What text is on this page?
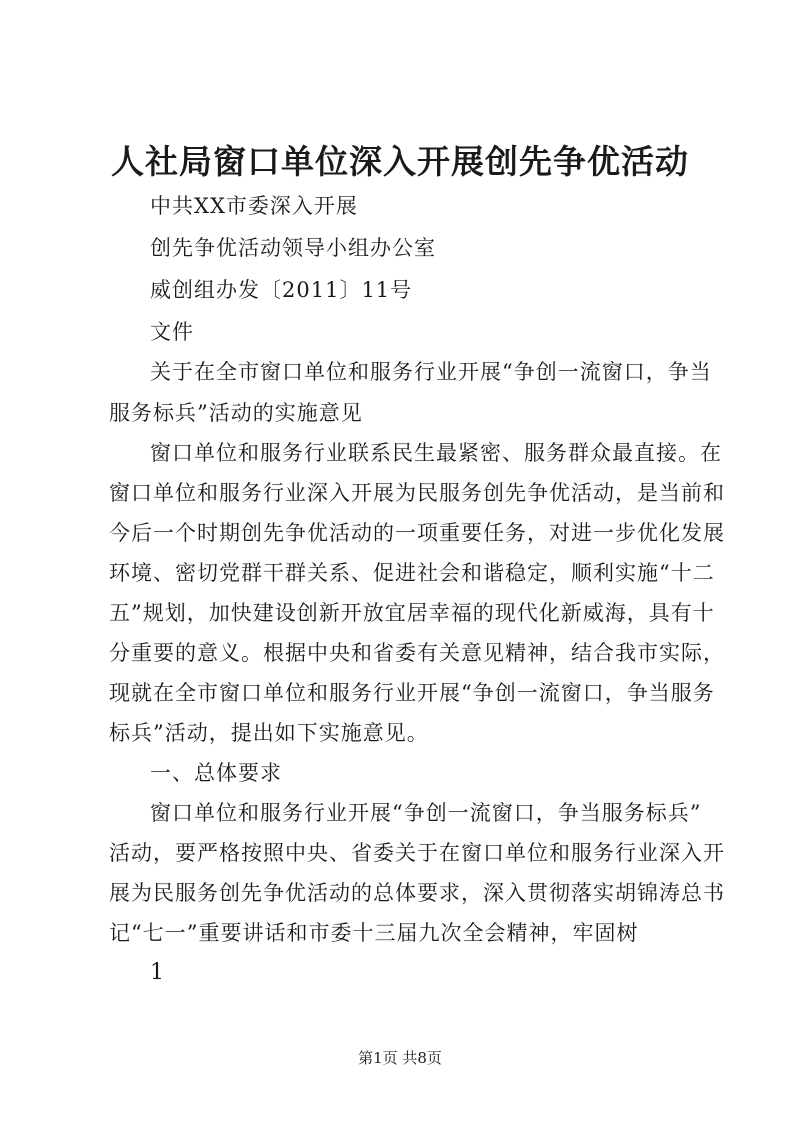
人社局窗口单位深入开展创先争优活动
中共XX市委深入开展
创先争优活动领导小组办公室
威创组办发〔2011〕11号
文件
关于在全市窗口单位和服务行业开展“争创一流窗口，争当
服务标兵”活动的实施意见
窗口单位和服务行业联系民生最紧密、服务群众最直接。在
窗口单位和服务行业深入开展为民服务创先争优活动，是当前和
今后一个时期创先争优活动的一项重要任务，对进一步优化发展
环境、密切党群干群关系、促进社会和谐稳定，顺利实施“十二
五”规划，加快建设创新开放宜居幸福的现代化新威海，具有十
分重要的意义。根据中央和省委有关意见精神，结合我市实际，
现就在全市窗口单位和服务行业开展“争创一流窗口，争当服务
标兵”活动，提出如下实施意见。
一、总体要求
窗口单位和服务行业开展“争创一流窗口，争当服务标兵”
活动，要严格按照中央、省委关于在窗口单位和服务行业深入开
展为民服务创先争优活动的总体要求，深入贯彻落实胡锦涛总书
记“七一”重要讲话和市委十三届九次全会精神，牢固树
1
第1页 共8页
